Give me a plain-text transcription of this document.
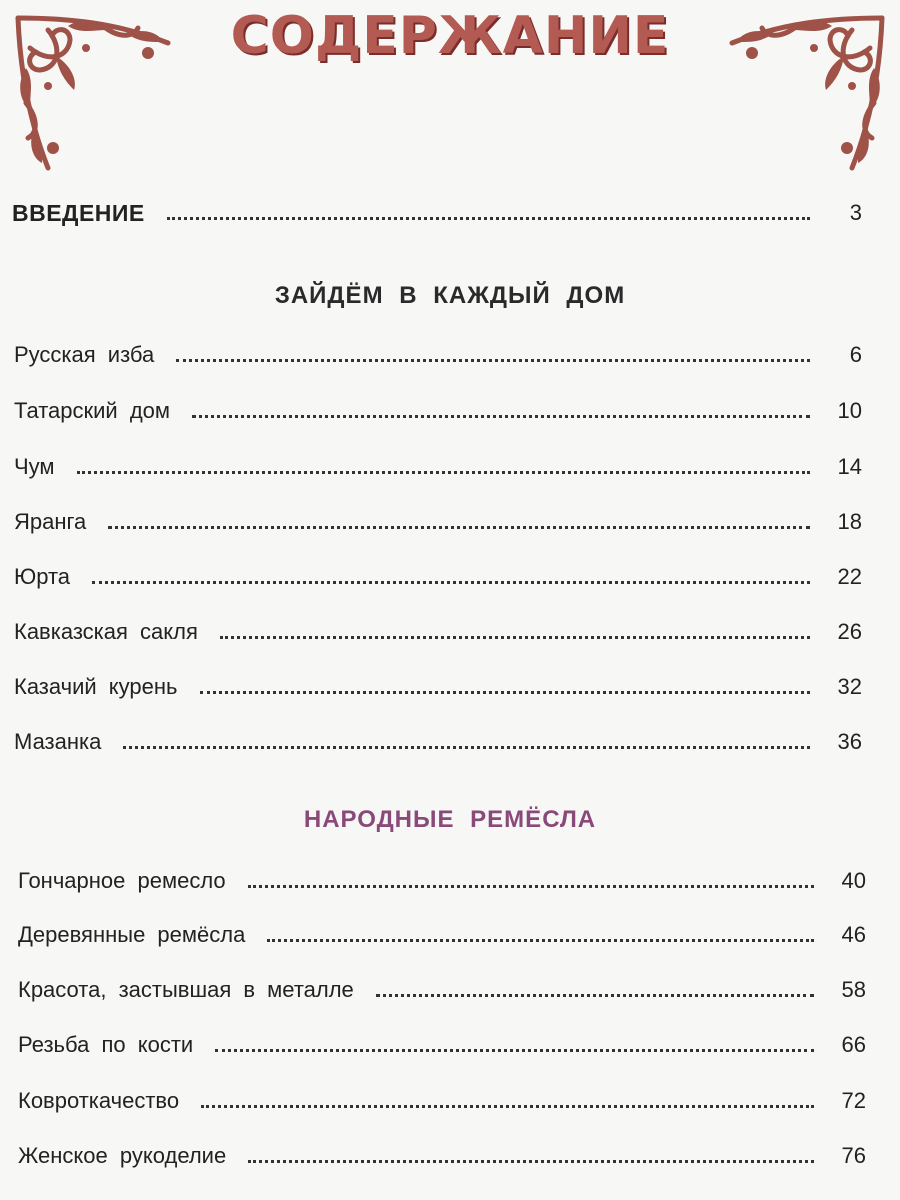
СОДЕРЖАНИЕ
ВВЕДЕНИЕ	3
ЗАЙДЁМ В КАЖДЫЙ ДОМ
Русская изба	6
Татарский дом	10
Чум	14
Яранга	18
Юрта	22
Кавказская сакля	26
Казачий курень	32
Мазанка	36
НАРОДНЫЕ РЕМЁСЛА
Гончарное ремесло	40
Деревянные ремёсла	46
Красота, застывшая в металле	58
Резьба по кости	66
Ковроткачество	72
Женское рукоделие	76
